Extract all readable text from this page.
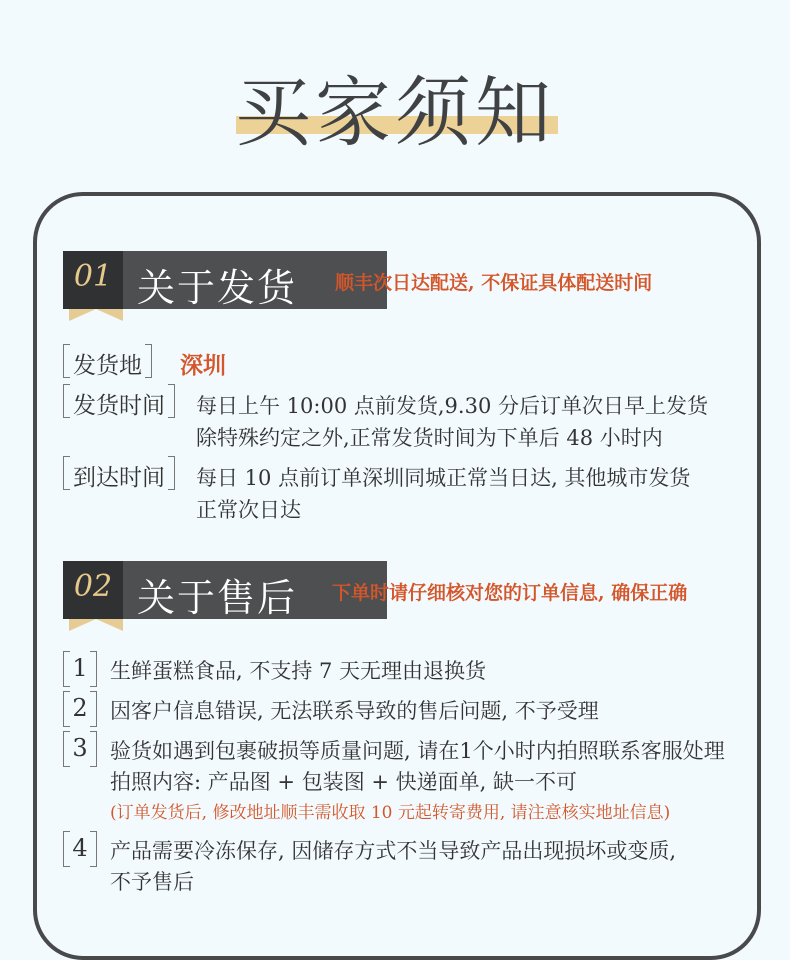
买家须知
01 关于发货 顺丰次日达配送, 不保证具体配送时间
发货地	深圳
发货时间	每日上午 10:00 点前发货,9.30 分后订单次日早上发货
除特殊约定之外,正常发货时间为下单后 48 小时内
到达时间	每日 10 点前订单深圳同城正常当日达, 其他城市发货
正常次日达
02 关于售后 下单时请仔细核对您的订单信息, 确保正确
1	生鲜蛋糕食品, 不支持 7 天无理由退换货
2	因客户信息错误, 无法联系导致的售后问题, 不予受理
3	验货如遇到包裹破损等质量问题, 请在1个小时内拍照联系客服处理
拍照内容: 产品图 + 包装图 + 快递面单, 缺一不可
(订单发货后, 修改地址顺丰需收取 10 元起转寄费用, 请注意核实地址信息)
4	产品需要冷冻保存, 因储存方式不当导致产品出现损坏或变质,
不予售后
